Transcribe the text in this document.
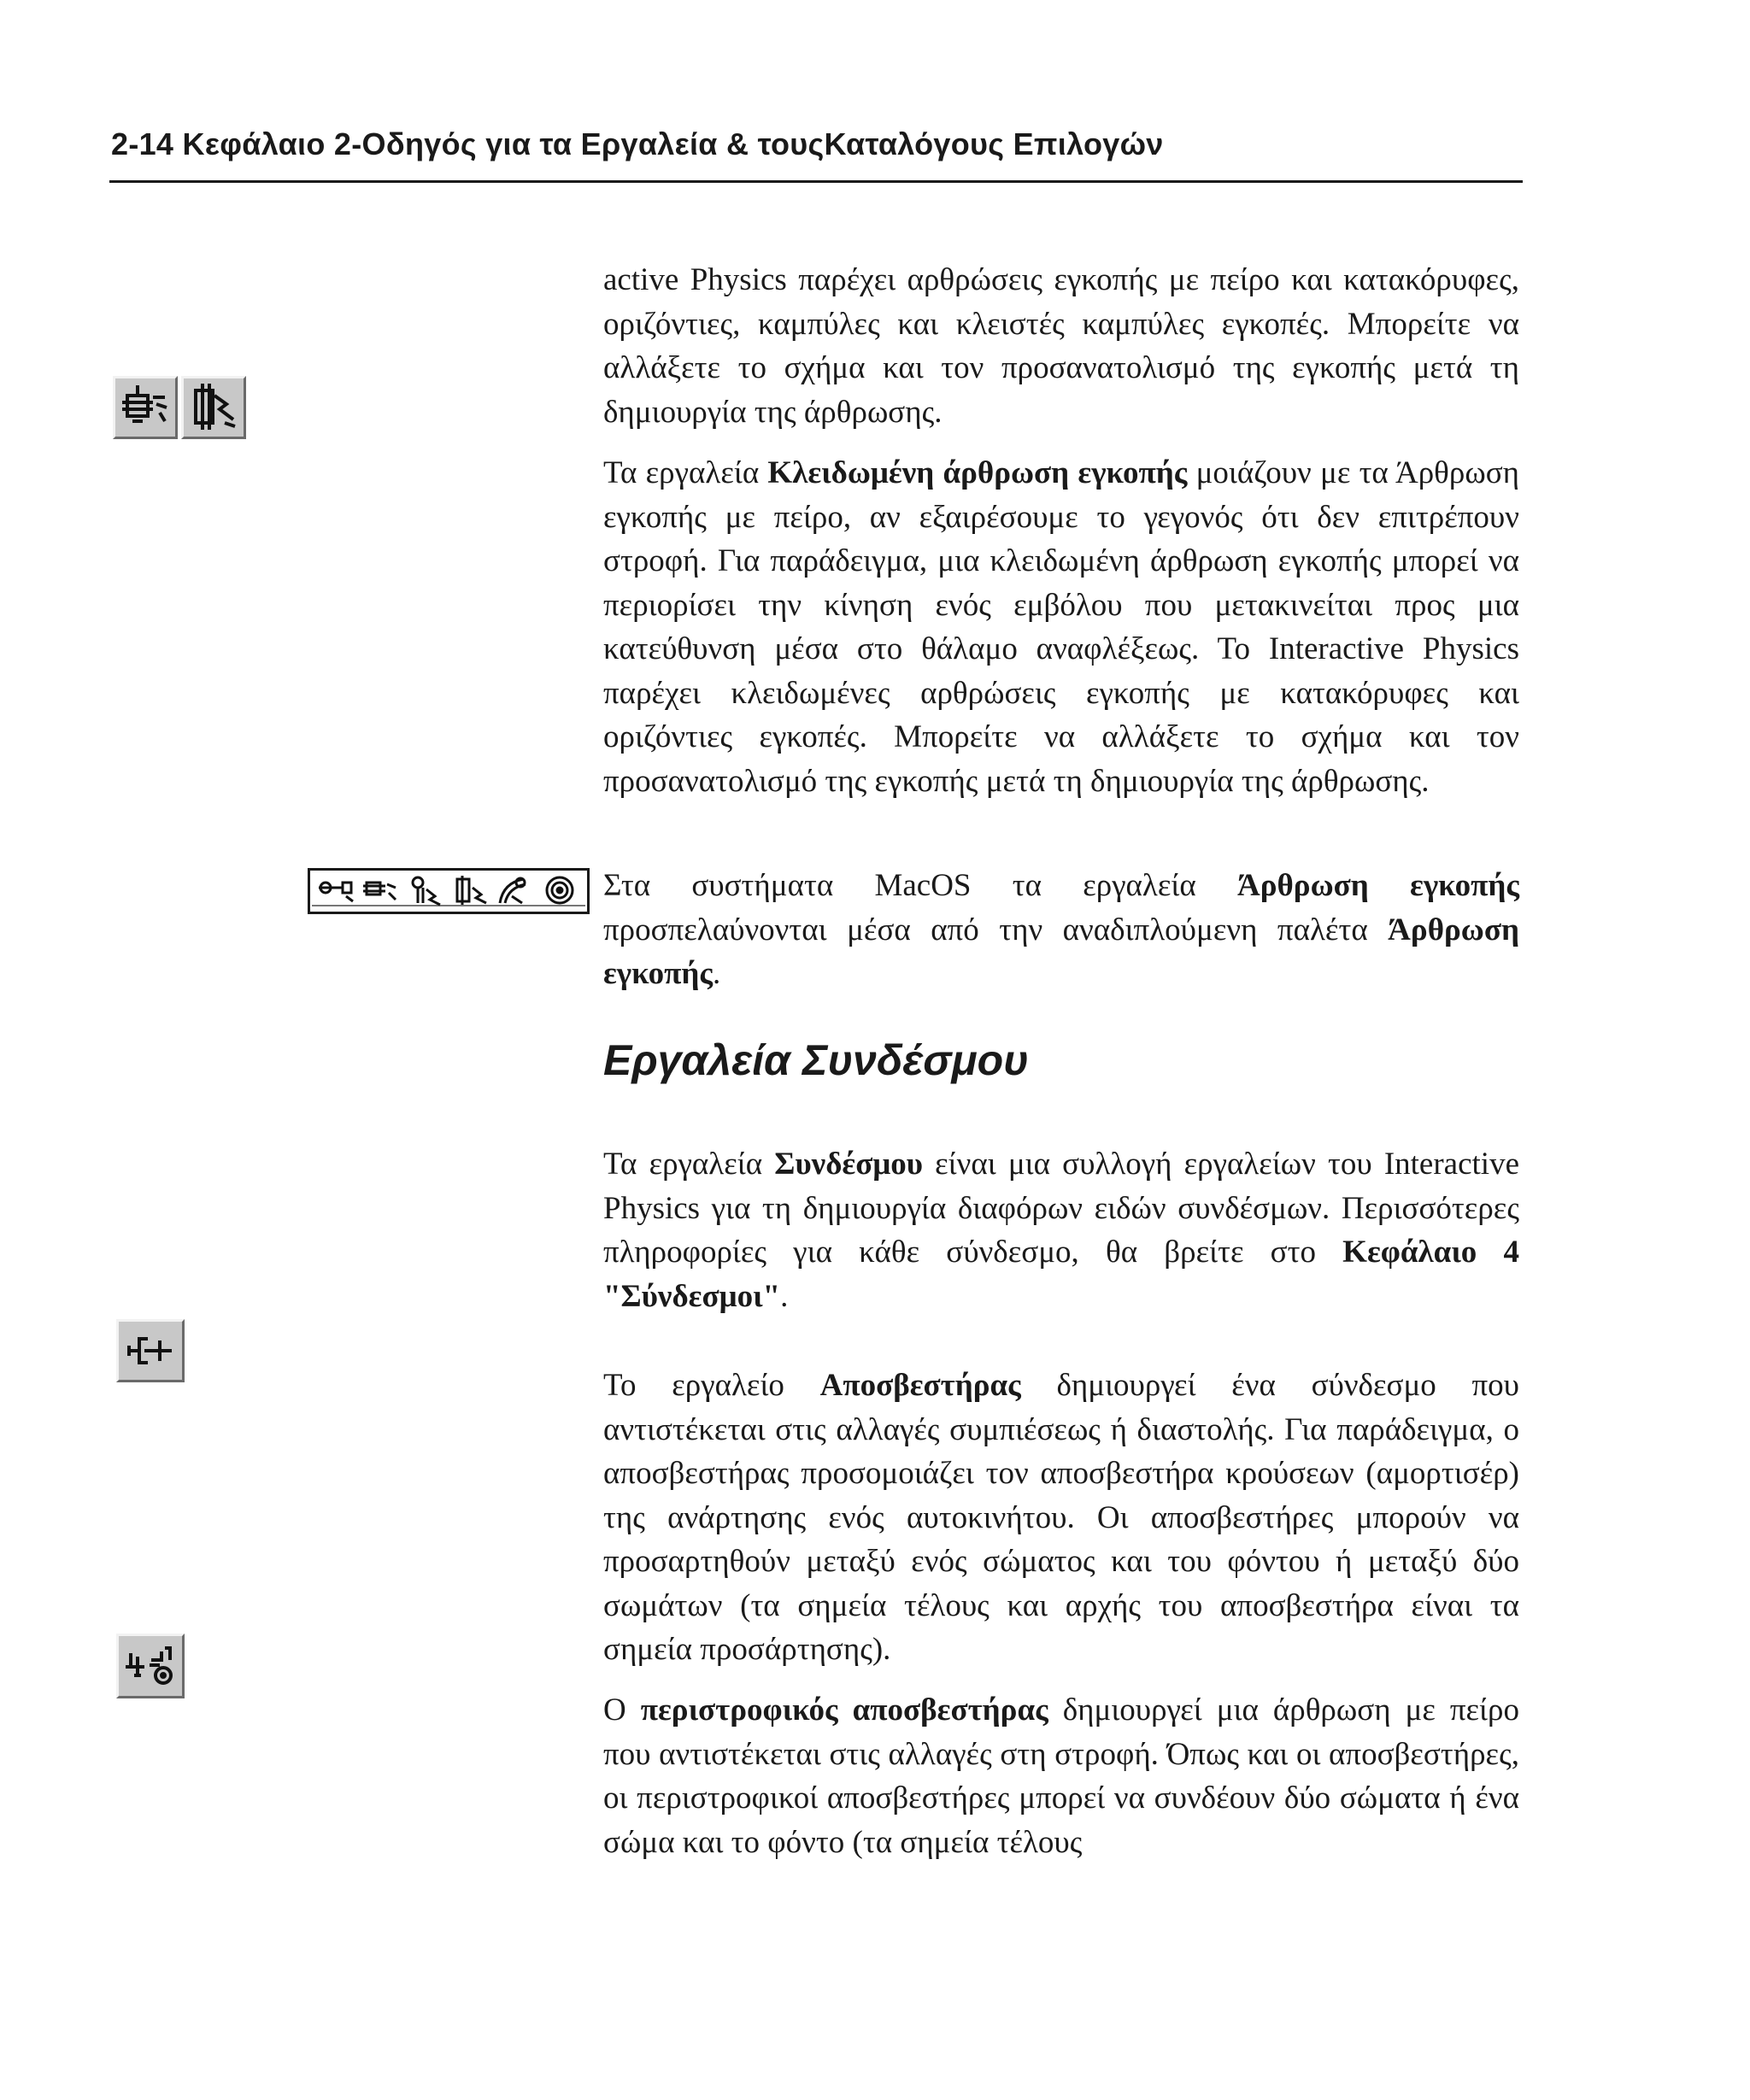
2-14 Κεφάλαιο 2-Οδηγός για τα Εργαλεία & τουςΚαταλόγους Επιλογών

active Physics παρέχει αρθρώσεις εγκοπής με πείρο και κατακόρυφες, οριζόντιες, καμπύλες και κλειστές καμπύλες εγκοπές. Μπορείτε να αλλάξετε το σχήμα και τον προσανατολισμό της εγκοπής μετά τη δημιουργία της άρθρωσης.

Τα εργαλεία Κλειδωμένη άρθρωση εγκοπής μοιάζουν με τα Άρθρωση εγκοπής με πείρο, αν εξαιρέσουμε το γεγονός ότι δεν επιτρέπουν στροφή. Για παράδειγμα, μια κλειδωμένη άρθρωση εγκοπής μπορεί να περιορίσει την κίνηση ενός εμβόλου που μετακινείται προς μια κατεύθυνση μέσα στο θάλαμο αναφλέξεως. Το Interactive Physics παρέχει κλειδωμένες αρθρώσεις εγκοπής με κατακόρυφες και οριζόντιες εγκοπές. Μπορείτε να αλλάξετε το σχήμα και τον προσανατολισμό της εγκοπής μετά τη δημιουργία της άρθρωσης.

Στα συστήματα MacOS τα εργαλεία Άρθρωση εγκοπής προσπελαύνονται μέσα από την αναδιπλούμενη παλέτα Άρθρωση εγκοπής.

Εργαλεία Συνδέσμου

Τα εργαλεία Συνδέσμου είναι μια συλλογή εργαλείων του Interactive Physics για τη δημιουργία διαφόρων ειδών συνδέσμων. Περισσότερες πληροφορίες για κάθε σύνδεσμο, θα βρείτε στο Κεφάλαιο 4 "Σύνδεσμοι".

Το εργαλείο Αποσβεστήρας δημιουργεί ένα σύνδεσμο που αντιστέκεται στις αλλαγές συμπιέσεως ή διαστολής. Για παράδειγμα, ο αποσβεστήρας προσομοιάζει τον αποσβεστήρα κρούσεων (αμορτισέρ) της ανάρτησης ενός αυτοκινήτου. Οι αποσβεστήρες μπορούν να προσαρτηθούν μεταξύ ενός σώματος και του φόντου ή μεταξύ δύο σωμάτων (τα σημεία τέλους και αρχής του αποσβεστήρα είναι τα σημεία προσάρτησης).

Ο περιστροφικός αποσβεστήρας δημιουργεί μια άρθρωση με πείρο που αντιστέκεται στις αλλαγές στη στροφή. Όπως και οι αποσβεστήρες, οι περιστροφικοί αποσβεστήρες μπορεί να συνδέουν δύο σώματα ή ένα σώμα και το φόντο (τα σημεία τέλους
